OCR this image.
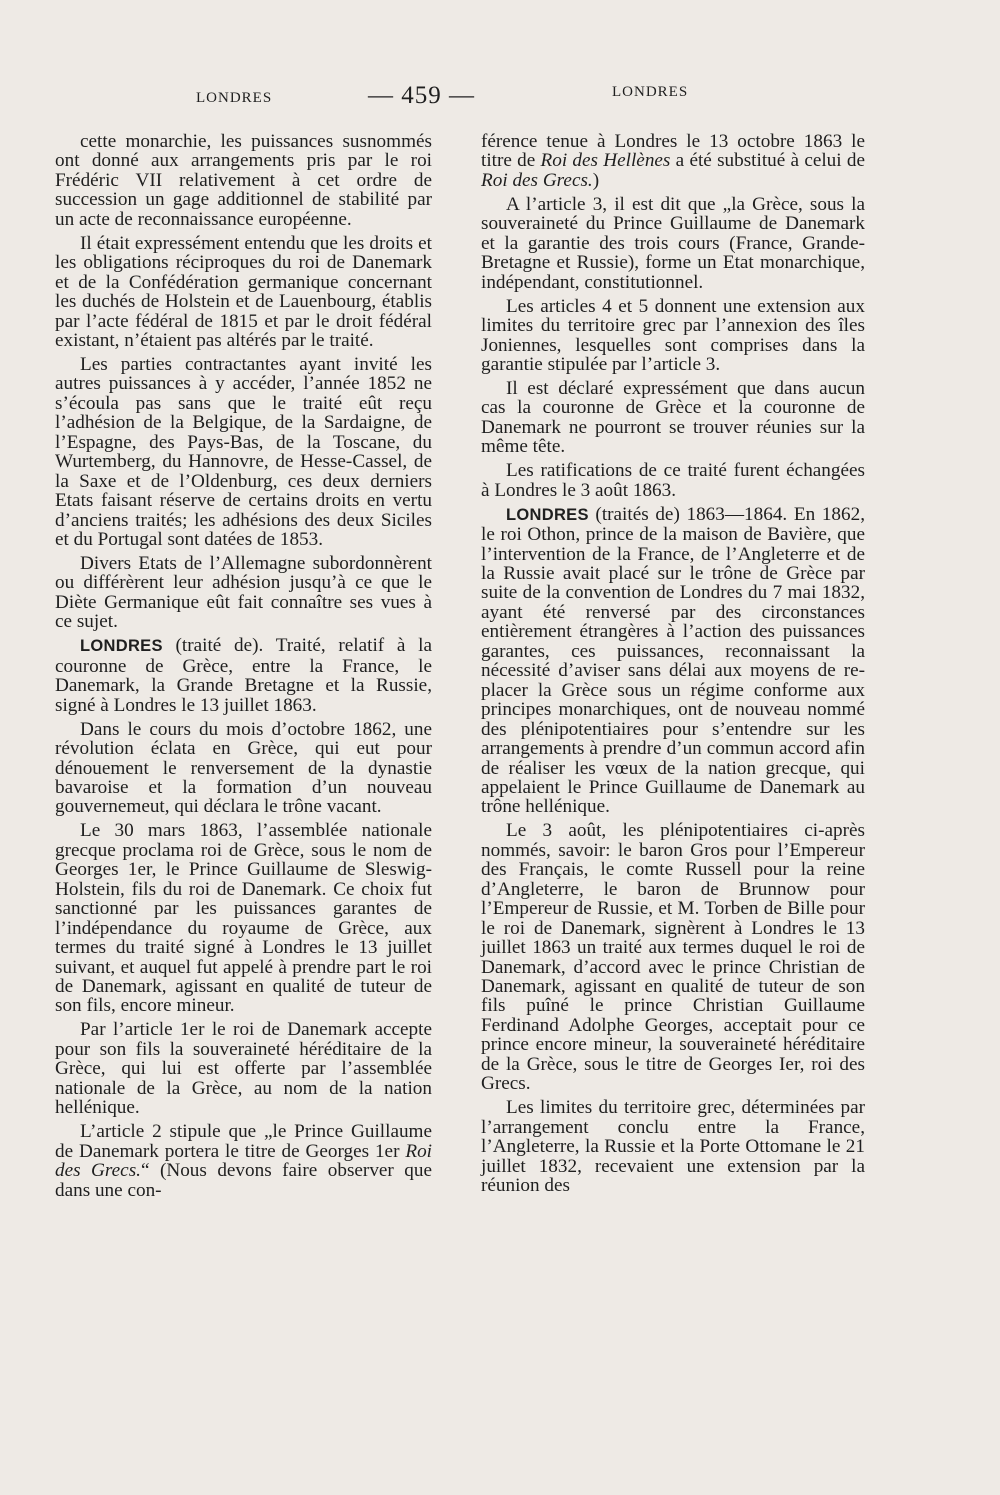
LONDRES	— 459 —	LONDRES

cette monarchie, les puissances susnommés ont donné aux arrangements pris par le roi Frédéric VII relativement à cet ordre de succession un gage additionnel de stabilité par un acte de reconnaissance européenne.

Il était expressément entendu que les droits et les obligations réciproques du roi de Danemark et de la Confédération germanique concernant les duchés de Holstein et de Lauenbourg, établis par l’acte fédéral de 1815 et par le droit fédéral existant, n’étaient pas altérés par le traité.

Les parties contractantes ayant invité les autres puissances à y accéder, l’année 1852 ne s’écoula pas sans que le traité eût reçu l’adhésion de la Belgique, de la Sardaigne, de l’Espagne, des Pays-Bas, de la Toscane, du Wurtemberg, du Hannovre, de Hesse-Cassel, de la Saxe et de l’Oldenburg, ces deux derniers Etats faisant réserve de certains droits en vertu d’anciens traités; les adhésions des deux Siciles et du Portugal sont datées de 1853.

Divers Etats de l’Allemagne subordonnèrent ou différèrent leur adhésion jusqu’à ce que le Diète Germanique eût fait connaître ses vues à ce sujet.

LONDRES (traité de). Traité, relatif à la couronne de Grèce, entre la France, le Danemark, la Grande Bretagne et la Russie, signé à Londres le 13 juillet 1863.

Dans le cours du mois d’octobre 1862, une révolution éclata en Grèce, qui eut pour dénouement le renversement de la dynastie bavaroise et la formation d’un nouveau gouvernemeut, qui déclara le trône vacant.

Le 30 mars 1863, l’assemblée nationale grecque proclama roi de Grèce, sous le nom de Georges 1er, le Prince Guillaume de Sleswig-Holstein, fils du roi de Danemark. Ce choix fut sanctionné par les puissances garantes de l’indépendance du royaume de Grèce, aux termes du traité signé à Londres le 13 juillet suivant, et auquel fut appelé à prendre part le roi de Danemark, agissant en qualité de tuteur de son fils, encore mineur.

Par l’article 1er le roi de Danemark accepte pour son fils la souveraineté héréditaire de la Grèce, qui lui est offerte par l’assemblée nationale de la Grèce, au nom de la nation hellénique.

L’article 2 stipule que „le Prince Guillaume de Danemark portera le titre de Georges 1er Roi des Grecs.“ (Nous devons faire observer que dans une con-

férence tenue à Londres le 13 octobre 1863 le titre de Roi des Hellènes a été substitué à celui de Roi des Grecs.)

A l’article 3, il est dit que „la Grèce, sous la souveraineté du Prince Guillaume de Danemark et la garantie des trois cours (France, Grande-Bretagne et Russie), forme un Etat monarchique, indépendant, constitutionnel.

Les articles 4 et 5 donnent une extension aux limites du territoire grec par l’annexion des îles Joniennes, lesquelles sont comprises dans la garantie stipulée par l’article 3.

Il est déclaré expressément que dans aucun cas la couronne de Grèce et la couronne de Danemark ne pourront se trouver réunies sur la même tête.

Les ratifications de ce traité furent échangées à Londres le 3 août 1863.

LONDRES (traités de) 1863—1864. En 1862, le roi Othon, prince de la maison de Bavière, que l’intervention de la France, de l’Angleterre et de la Russie avait placé sur le trône de Grèce par suite de la convention de Londres du 7 mai 1832, ayant été renversé par des circonstances entièrement étrangères à l’action des puissances garantes, ces puissances, reconnaissant la nécessité d’aviser sans délai aux moyens de replacer la Grèce sous un régime conforme aux principes monarchiques, ont de nouveau nommé des plénipotentiaires pour s’entendre sur les arrangements à prendre d’un commun accord afin de réaliser les vœux de la nation grecque, qui appelaient le Prince Guillaume de Danemark au trône hellénique.

Le 3 août, les plénipotentiaires ci-après nommés, savoir: le baron Gros pour l’Empereur des Français, le comte Russell pour la reine d’Angleterre, le baron de Brunnow pour l’Empereur de Russie, et M. Torben de Bille pour le roi de Danemark, signèrent à Londres le 13 juillet 1863 un traité aux termes duquel le roi de Danemark, d’accord avec le prince Christian de Danemark, agissant en qualité de tuteur de son fils puîné le prince Christian Guillaume Ferdinand Adolphe Georges, acceptait pour ce prince encore mineur, la souveraineté héréditaire de la Grèce, sous le titre de Georges Ier, roi des Grecs.

Les limites du territoire grec, déterminées par l’arrangement conclu entre la France, l’Angleterre, la Russie et la Porte Ottomane le 21 juillet 1832, recevaient une extension par la réunion des
